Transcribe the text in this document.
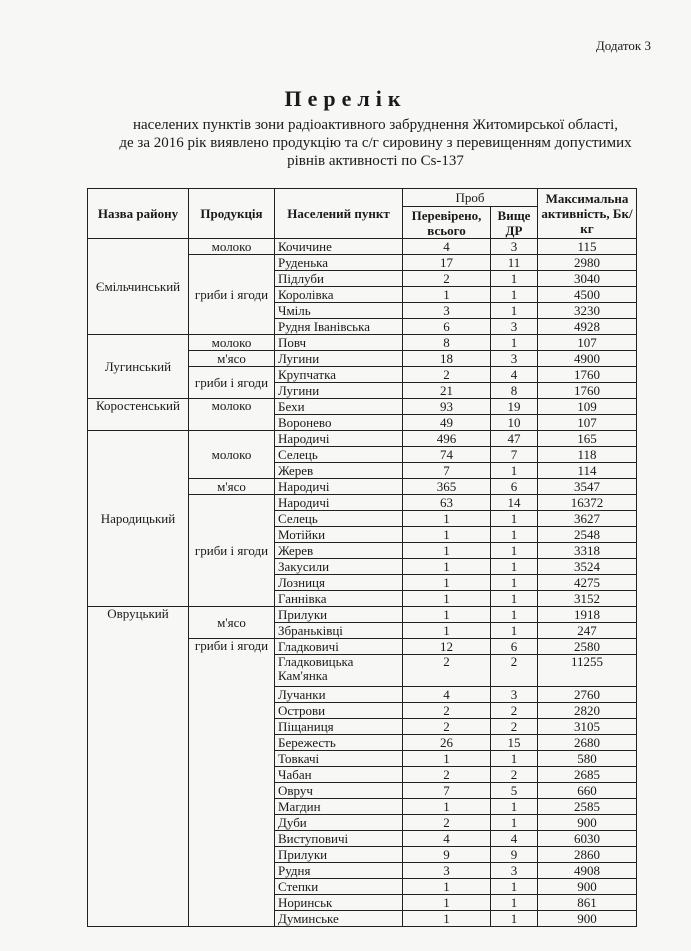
Додаток 3
Перелік
населених пунктів зони радіоактивного забруднення Житомирської області,
де за 2016 рік виявлено продукцію та с/г сировину з перевищенням допустимих
рівнів активності по Cs-137
Назва району	Продукція	Населений пункт	Проб		Максимальна активність, Бк/кг
			Перевірено, всього	Вище ДР	
Ємільчинський	молоко	Кочичине	4	3	115
	гриби і ягоди	Руденька	17	11	2980
		Підлуби	2	1	3040
		Королівка	1	1	4500
		Чміль	3	1	3230
		Рудня Іванівська	6	3	4928
Лугинський	молоко	Повч	8	1	107
	м'ясо	Лугини	18	3	4900
	гриби і ягоди	Крупчатка	2	4	1760
		Лугини	21	8	1760
Коростенський	молоко	Бехи	93	19	109
		Воронево	49	10	107
Народицький	молоко	Народичі	496	47	165
		Селець	74	7	118
		Жерев	7	1	114
	м'ясо	Народичі	365	6	3547
	гриби і ягоди	Народичі	63	14	16372
		Селець	1	1	3627
		Мотійки	1	1	2548
		Жерев	1	1	3318
		Закусили	1	1	3524
		Лозниця	1	1	4275
		Ганнівка	1	1	3152
Овруцький	м'ясо	Прилуки	1	1	1918
		Збраньківці	1	1	247
	гриби і ягоди	Гладковичі	12	6	2580
		Гладковицька Кам'янка	2	2	11255
		Лучанки	4	3	2760
		Острови	2	2	2820
		Піщаниця	2	2	3105
		Бережесть	26	15	2680
		Товкачі	1	1	580
		Чабан	2	2	2685
		Овруч	7	5	660
		Магдин	1	1	2585
		Дуби	2	1	900
		Виступовичі	4	4	6030
		Прилуки	9	9	2860
		Рудня	3	3	4908
		Степки	1	1	900
		Норинськ	1	1	861
		Думинське	1	1	900
